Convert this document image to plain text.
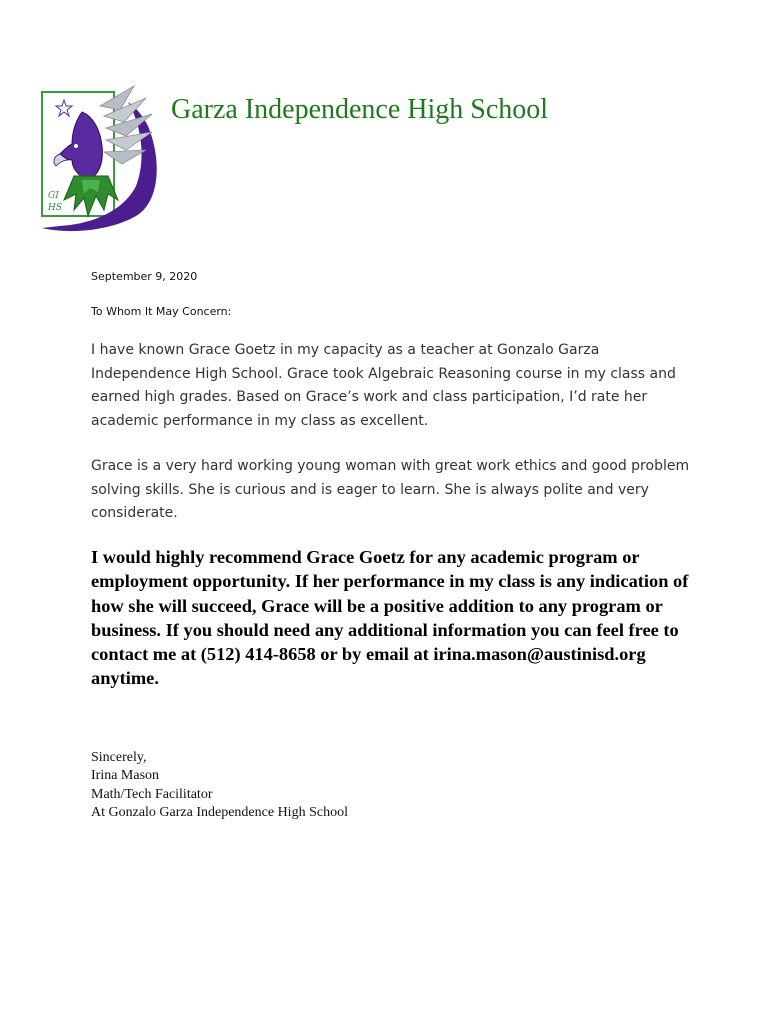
GI
HS
Garza Independence High School
September 9, 2020
To Whom It May Concern:

I have known Grace Goetz in my capacity as a teacher at Gonzalo Garza Independence High School. Grace took Algebraic Reasoning course in my class and earned high grades. Based on Grace’s work and class participation, I’d rate her academic performance in my class as excellent.

Grace is a very hard working young woman with great work ethics and good problem solving skills. She is curious and is eager to learn. She is always polite and very considerate.

I would highly recommend Grace Goetz for any academic program or employment opportunity. If her performance in my class is any indication of how she will succeed, Grace will be a positive addition to any program or business. If you should need any additional information you can feel free to contact me at (512) 414-8658 or by email at irina.mason@austinisd.org anytime.

Sincerely,
Irina Mason
Math/Tech Facilitator
At Gonzalo Garza Independence High School
